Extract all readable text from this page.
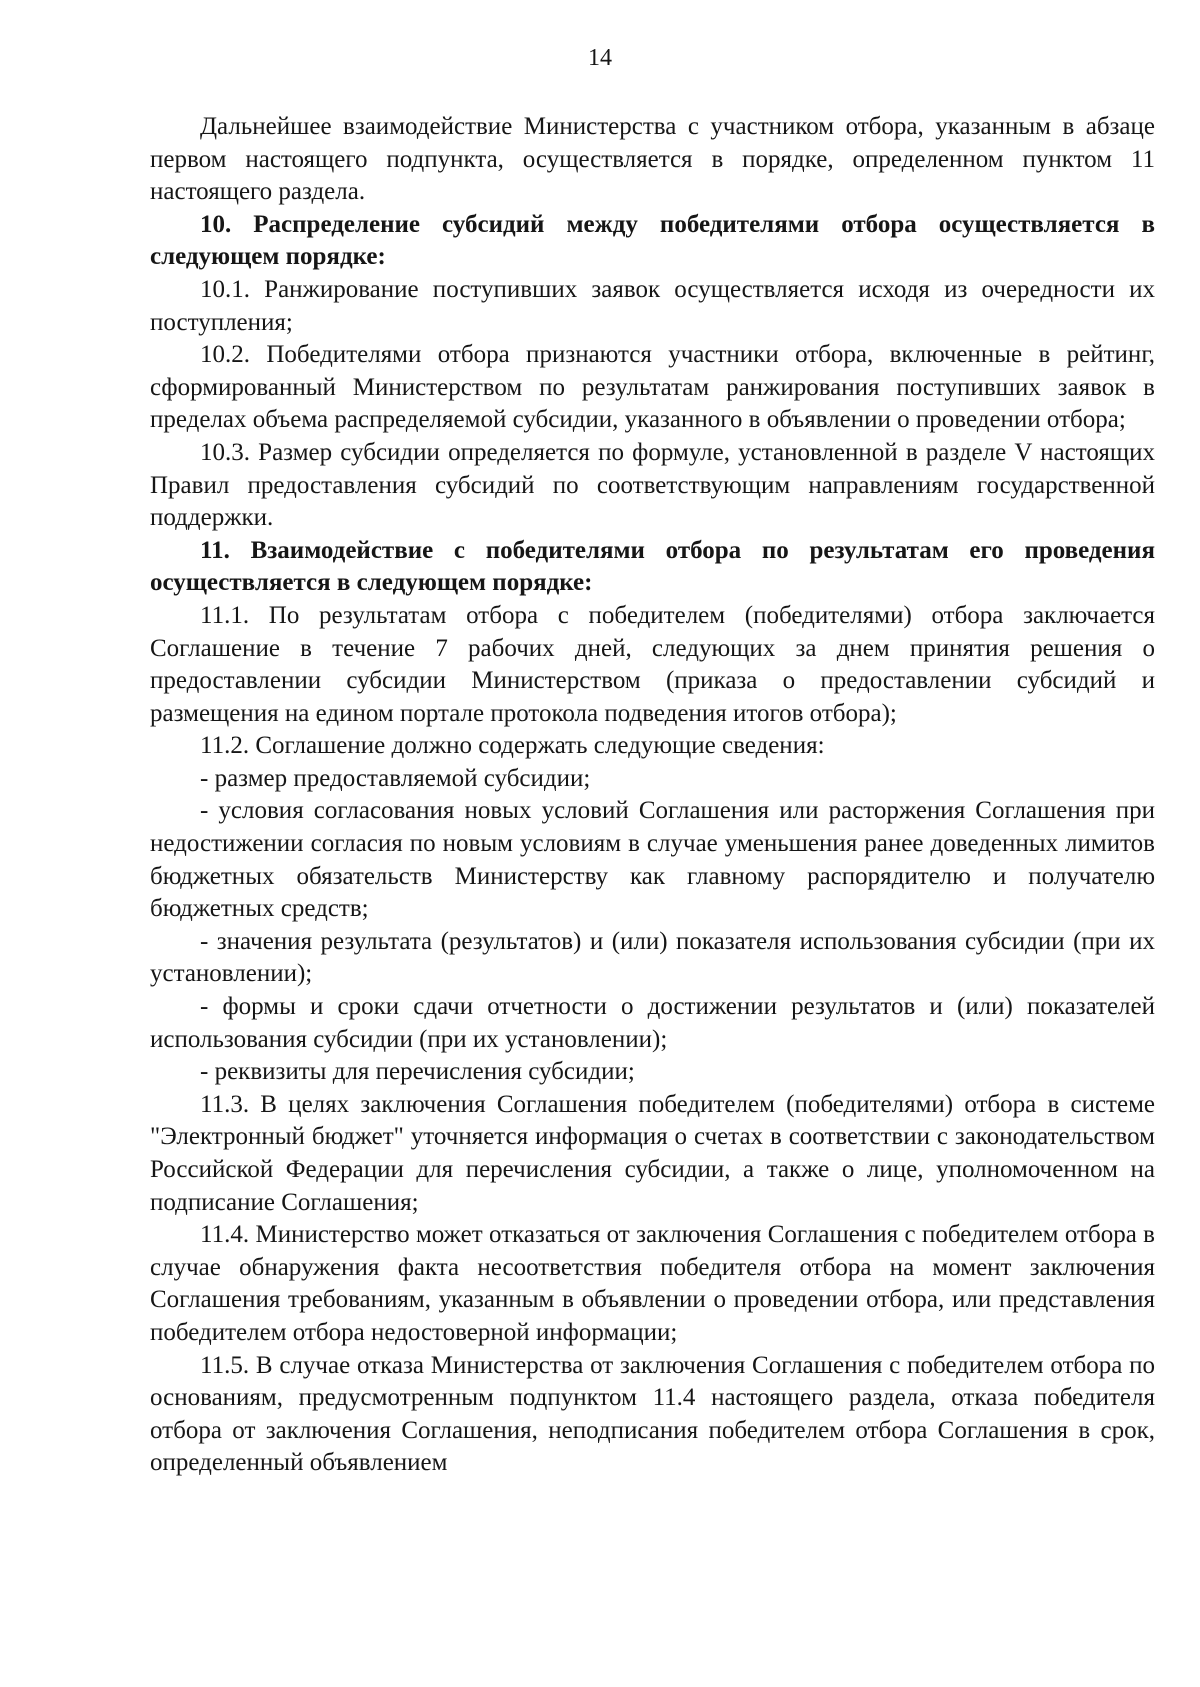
14

Дальнейшее взаимодействие Министерства с участником отбора, указанным в абзаце первом настоящего подпункта, осуществляется в порядке, определенном пунктом 11 настоящего раздела.

10. Распределение субсидий между победителями отбора осуществляется в следующем порядке:

10.1. Ранжирование поступивших заявок осуществляется исходя из очередности их поступления;

10.2. Победителями отбора признаются участники отбора, включенные в рейтинг, сформированный Министерством по результатам ранжирования поступивших заявок в пределах объема распределяемой субсидии, указанного в объявлении о проведении отбора;

10.3. Размер субсидии определяется по формуле, установленной в разделе V настоящих Правил предоставления субсидий по соответствующим направлениям государственной поддержки.

11. Взаимодействие с победителями отбора по результатам его проведения осуществляется в следующем порядке:

11.1. По результатам отбора с победителем (победителями) отбора заключается Соглашение в течение 7 рабочих дней, следующих за днем принятия решения о предоставлении субсидии Министерством (приказа о предоставлении субсидий и размещения на едином портале протокола подведения итогов отбора);

11.2. Соглашение должно содержать следующие сведения:

- размер предоставляемой субсидии;

- условия согласования новых условий Соглашения или расторжения Соглашения при недостижении согласия по новым условиям в случае уменьшения ранее доведенных лимитов бюджетных обязательств Министерству как главному распорядителю и получателю бюджетных средств;

- значения результата (результатов) и (или) показателя использования субсидии (при их установлении);

- формы и сроки сдачи отчетности о достижении результатов и (или) показателей использования субсидии (при их установлении);

- реквизиты для перечисления субсидии;

11.3. В целях заключения Соглашения победителем (победителями) отбора в системе "Электронный бюджет" уточняется информация о счетах в соответствии с законодательством Российской Федерации для перечисления субсидии, а также о лице, уполномоченном на подписание Соглашения;

11.4. Министерство может отказаться от заключения Соглашения с победителем отбора в случае обнаружения факта несоответствия победителя отбора на момент заключения Соглашения требованиям, указанным в объявлении о проведении отбора, или представления победителем отбора недостоверной информации;

11.5. В случае отказа Министерства от заключения Соглашения с победителем отбора по основаниям, предусмотренным подпунктом 11.4 настоящего раздела, отказа победителя отбора от заключения Соглашения, неподписания победителем отбора Соглашения в срок, определенный объявлением
